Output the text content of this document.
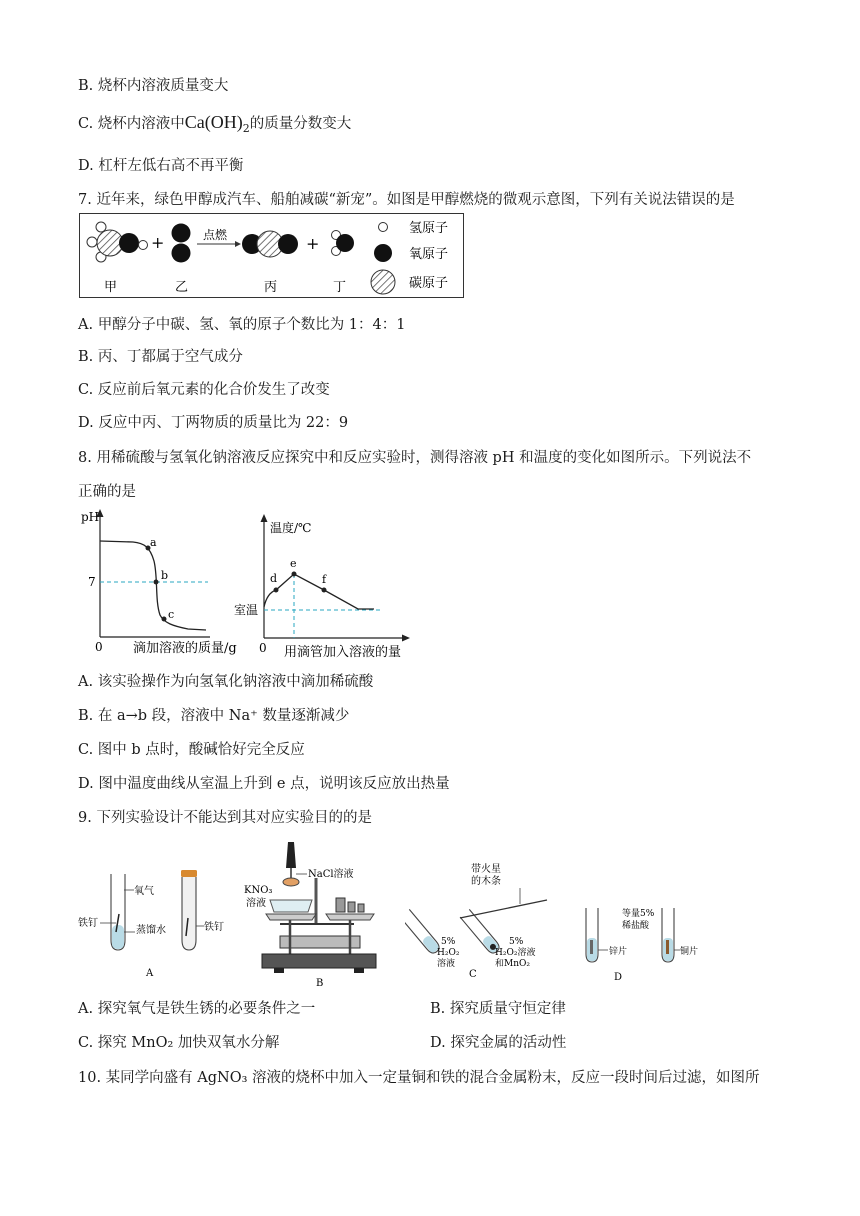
B. 烧杯内溶液质量变大
C. 烧杯内溶液中$Ca(OH)_2$的质量分数变大
D. 杠杆左低右高不再平衡
7. 近年来，绿色甲醇成汽车、船舶减碳“新宠”。如图是甲醇燃烧的微观示意图，下列有关说法错误的是
+	点燃	+
甲	乙	丙	丁
氢原子
氧原子
碳原子
A. 甲醇分子中碳、氢、氧的原子个数比为 1：4：1
B. 丙、丁都属于空气成分
C. 反应前后氧元素的化合价发生了改变
D. 反应中丙、丁两物质的质量比为 22：9
8. 用稀硫酸与氢氧化钠溶液反应探究中和反应实验时，测得溶液 pH 和温度的变化如图所示。下列说法不
正确的是
pH
7
0
a
b
c
滴加溶液的质量/g
温度/℃
室温
0
d
e
f
用滴管加入溶液的量
A. 该实验操作为向氢氧化钠溶液中滴加稀硫酸
B. 在 a→b 段，溶液中 Na⁺ 数量逐渐减少
C. 图中 b 点时，酸碱恰好完全反应
D. 图中温度曲线从室温上升到 e 点，说明该反应放出热量
9. 下列实验设计不能达到其对应实验目的的是
氧气
铁钉
蒸馏水	铁钉
A
NaCl溶液
KNO₃
溶液
B
带火星
的木条
5%
H₂O₂
溶液
5%
H₂O₂溶液
和MnO₂
C
等量5%
稀盐酸
锌片	铜片
D
A. 探究氧气是铁生锈的必要条件之一	B. 探究质量守恒定律
C. 探究 MnO₂ 加快双氧水分解	D. 探究金属的活动性
10. 某同学向盛有 AgNO₃ 溶液的烧杯中加入一定量铜和铁的混合金属粉末，反应一段时间后过滤，如图所
